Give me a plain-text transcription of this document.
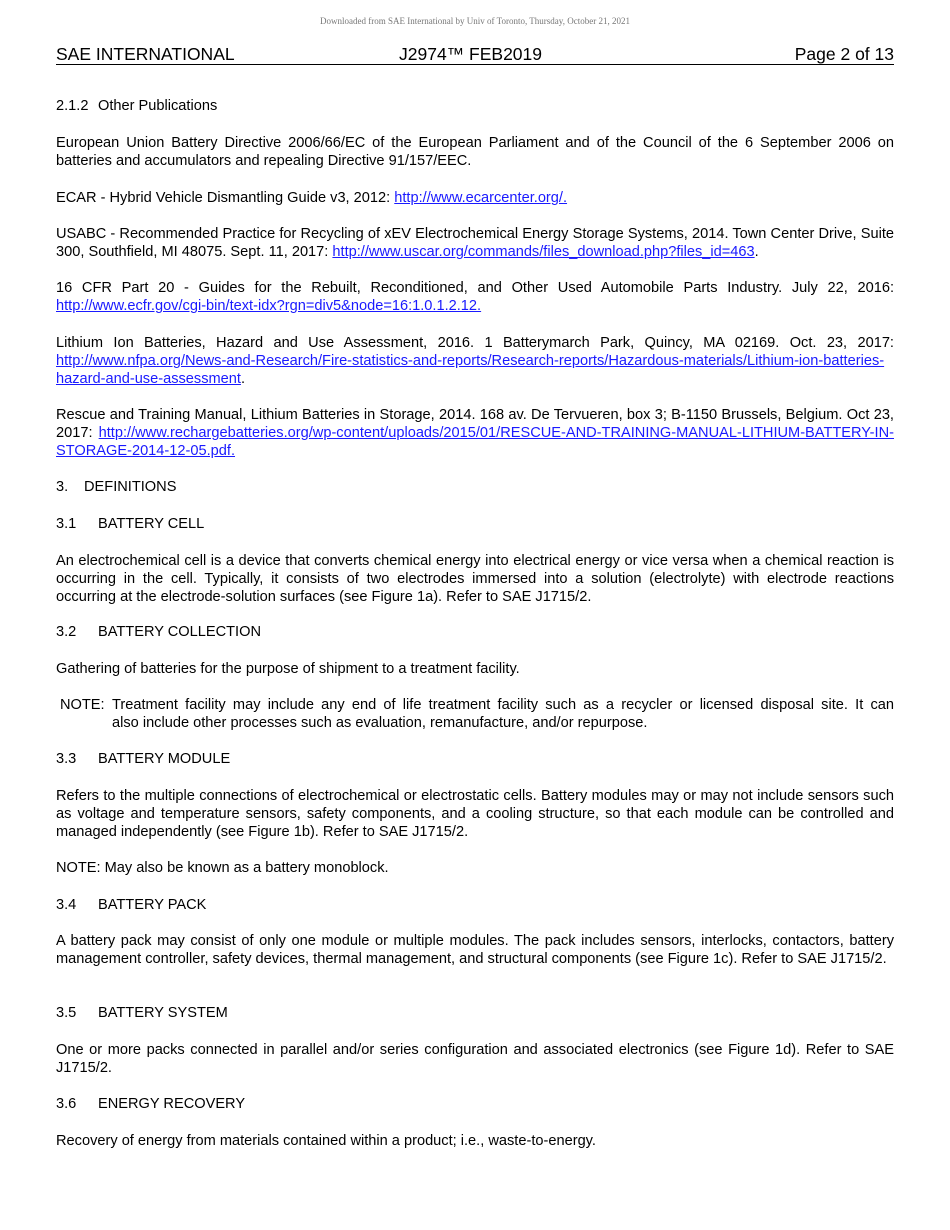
Downloaded from SAE International by Univ of Toronto, Thursday, October 21, 2021
SAE INTERNATIONAL	J2974™ FEB2019	Page 2 of 13
2.1.2 Other Publications

European Union Battery Directive 2006/66/EC of the European Parliament and of the Council of the 6 September 2006 on batteries and accumulators and repealing Directive 91/157/EEC.

ECAR - Hybrid Vehicle Dismantling Guide v3, 2012: http://www.ecarcenter.org/.

USABC - Recommended Practice for Recycling of xEV Electrochemical Energy Storage Systems, 2014. Town Center Drive, Suite 300, Southfield, MI 48075. Sept. 11, 2017: http://www.uscar.org/commands/files_download.php?files_id=463.

16 CFR Part 20 - Guides for the Rebuilt, Reconditioned, and Other Used Automobile Parts Industry. July 22, 2016: http://www.ecfr.gov/cgi-bin/text-idx?rgn=div5&node=16:1.0.1.2.12.

Lithium Ion Batteries, Hazard and Use Assessment, 2016. 1 Batterymarch Park, Quincy, MA 02169. Oct. 23, 2017: http://www.nfpa.org/News-and-Research/Fire-statistics-and-reports/Research-reports/Hazardous-materials/Lithium-ion-batteries-hazard-and-use-assessment.

Rescue and Training Manual, Lithium Batteries in Storage, 2014. 168 av. De Tervueren, box 3; B-1150 Brussels, Belgium. Oct 23, 2017: http://www.rechargebatteries.org/wp-content/uploads/2015/01/RESCUE-AND-TRAINING-MANUAL-LITHIUM-BATTERY-IN-STORAGE-2014-12-05.pdf.

3. DEFINITIONS
3.1 BATTERY CELL

An electrochemical cell is a device that converts chemical energy into electrical energy or vice versa when a chemical reaction is occurring in the cell. Typically, it consists of two electrodes immersed into a solution (electrolyte) with electrode reactions occurring at the electrode-solution surfaces (see Figure 1a). Refer to SAE J1715/2.

3.2 BATTERY COLLECTION

Gathering of batteries for the purpose of shipment to a treatment facility.

NOTE: Treatment facility may include any end of life treatment facility such as a recycler or licensed disposal site. It can
also include other processes such as evaluation, remanufacture, and/or repurpose.
3.3 BATTERY MODULE

Refers to the multiple connections of electrochemical or electrostatic cells. Battery modules may or may not include sensors such as voltage and temperature sensors, safety components, and a cooling structure, so that each module can be controlled and managed independently (see Figure 1b). Refer to SAE J1715/2.

NOTE: May also be known as a battery monoblock.
3.4 BATTERY PACK

A battery pack may consist of only one module or multiple modules. The pack includes sensors, interlocks, contactors, battery management controller, safety devices, thermal management, and structural components (see Figure 1c). Refer to SAE J1715/2.

3.5 BATTERY SYSTEM

One or more packs connected in parallel and/or series configuration and associated electronics (see Figure 1d). Refer to SAE J1715/2.

3.6 ENERGY RECOVERY

Recovery of energy from materials contained within a product; i.e., waste-to-energy.
